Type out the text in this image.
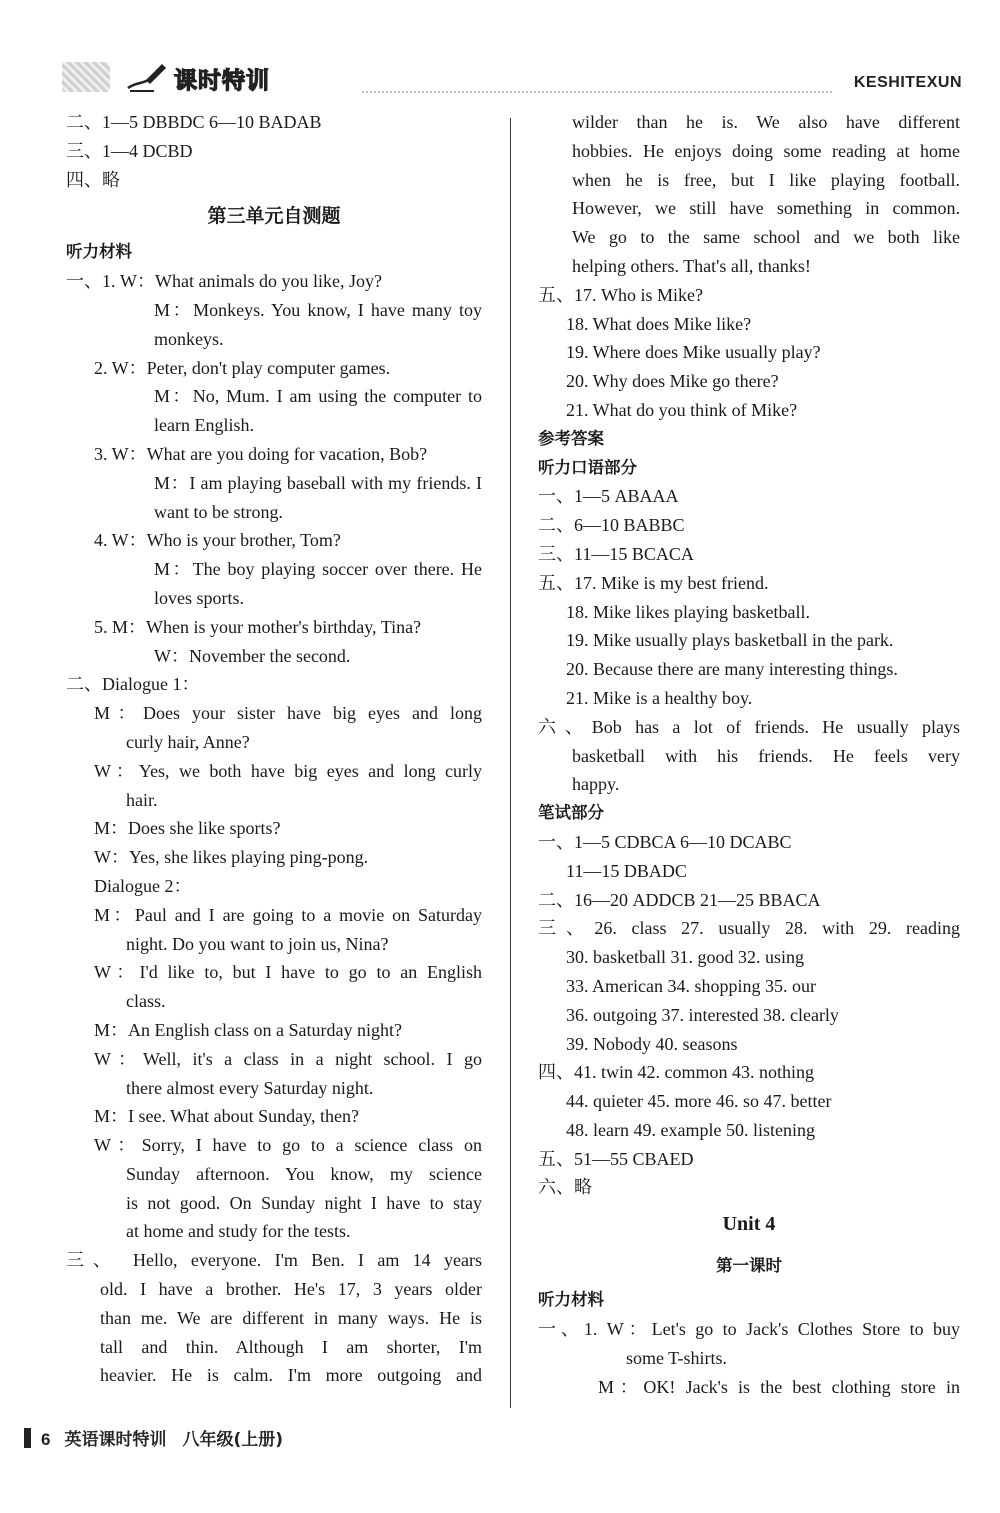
课时特训	KESHITEXUN
二、1—5 DBBDC 6—10 BADAB
三、1—4 DCBD
四、略
第三单元自测题
听力材料
一、1. W：What animals do you like, Joy?
M：Monkeys. You know, I have many toy
monkeys.
2. W：Peter, don't play computer games.
M：No, Mum. I am using the computer to
learn English.
3. W：What are you doing for vacation, Bob?
M：I am playing baseball with my friends. I
want to be strong.
4. W：Who is your brother, Tom?
M：The boy playing soccer over there. He
loves sports.
5. M：When is your mother's birthday, Tina?
W：November the second.
二、Dialogue 1：
M：Does your sister have big eyes and long
curly hair, Anne?
W：Yes, we both have big eyes and long curly
hair.
M：Does she like sports?
W：Yes, she likes playing ping-pong.
Dialogue 2：
M：Paul and I are going to a movie on Saturday
night. Do you want to join us, Nina?
W：I'd like to, but I have to go to an English
class.
M：An English class on a Saturday night?
W：Well, it's a class in a night school. I go
there almost every Saturday night.
M：I see. What about Sunday, then?
W：Sorry, I have to go to a science class on
Sunday afternoon. You know, my science
is not good. On Sunday night I have to stay
at home and study for the tests.
三、 Hello, everyone. I'm Ben. I am 14 years
old. I have a brother. He's 17, 3 years older
than me. We are different in many ways. He is
tall and thin. Although I am shorter, I'm
heavier. He is calm. I'm more outgoing and
wilder than he is. We also have different
hobbies. He enjoys doing some reading at home
when he is free, but I like playing football.
However, we still have something in common.
We go to the same school and we both like
helping others. That's all, thanks!
五、17. Who is Mike?
18. What does Mike like?
19. Where does Mike usually play?
20. Why does Mike go there?
21. What do you think of Mike?
参考答案
听力口语部分
一、1—5 ABAAA
二、6—10 BABBC
三、11—15 BCACA
五、17. Mike is my best friend.
18. Mike likes playing basketball.
19. Mike usually plays basketball in the park.
20. Because there are many interesting things.
21. Mike is a healthy boy.
六、Bob has a lot of friends. He usually plays
basketball with his friends. He feels very
happy.
笔试部分
一、1—5 CDBCA 6—10 DCABC
11—15 DBADC
二、16—20 ADDCB 21—25 BBACA
三、26. class 27. usually 28. with 29. reading
30. basketball 31. good 32. using
33. American 34. shopping 35. our
36. outgoing 37. interested 38. clearly
39. Nobody 40. seasons
四、41. twin 42. common 43. nothing
44. quieter 45. more 46. so 47. better
48. learn 49. example 50. listening
五、51—55 CBAED
六、略
Unit 4
第一课时
听力材料
一、1. W：Let's go to Jack's Clothes Store to buy
some T-shirts.
M：OK! Jack's is the best clothing store in
6 英语课时特训 八年级(上册)
